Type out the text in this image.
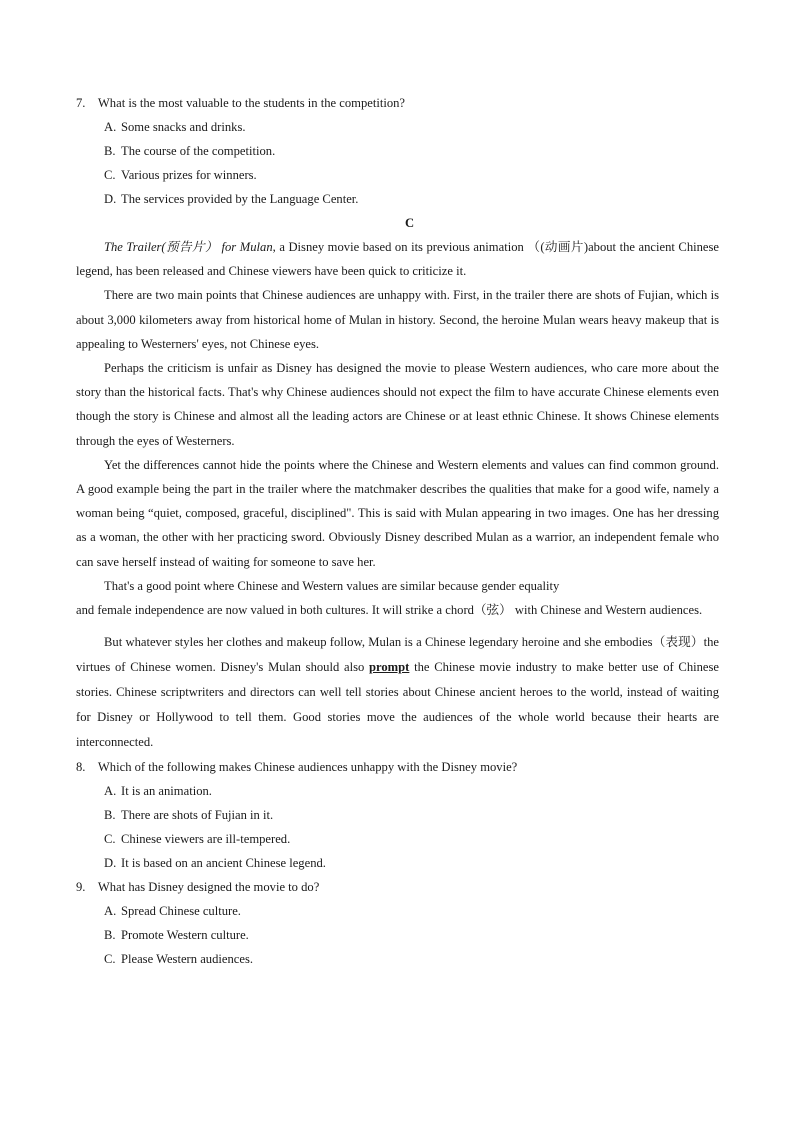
7. What is the most valuable to the students in the competition?
A. Some snacks and drinks.
B. The course of the competition.
C. Various prizes for winners.
D. The services provided by the Language Center.
C

The Trailer(预告片） for Mulan, a Disney movie based on its previous animation （(动画片)about the ancient Chinese legend, has been released and Chinese viewers have been quick to criticize it.

There are two main points that Chinese audiences are unhappy with. First, in the trailer there are shots of Fujian, which is about 3,000 kilometers away from historical home of Mulan in history. Second, the heroine Mulan wears heavy makeup that is appealing to Westerners' eyes, not Chinese eyes.

Perhaps the criticism is unfair as Disney has designed the movie to please Western audiences, who care more about the story than the historical facts. That's why Chinese audiences should not expect the film to have accurate Chinese elements even though the story is Chinese and almost all the leading actors are Chinese or at least ethnic Chinese. It shows Chinese elements through the eyes of Westerners.

Yet the differences cannot hide the points where the Chinese and Western elements and values can find common ground. A good example being the part in the trailer where the matchmaker describes the qualities that make for a good wife, namely a woman being “quiet, composed, graceful, disciplined". This is said with Mulan appearing in two images. One has her dressing as a woman, the other with her practicing sword. Obviously Disney described Mulan as a warrior, an independent female who can save herself instead of waiting for someone to save her.

That's a good point where Chinese and Western values are similar because gender equality

and female independence are now valued in both cultures. It will strike a chord（弦） with Chinese and Western audiences.

But whatever styles her clothes and makeup follow, Mulan is a Chinese legendary heroine and she embodies（表现）the virtues of Chinese women. Disney's Mulan should also prompt the Chinese movie industry to make better use of Chinese stories. Chinese scriptwriters and directors can well tell stories about Chinese ancient heroes to the world, instead of waiting for Disney or Hollywood to tell them. Good stories move the audiences of the whole world because their hearts are interconnected.

8. Which of the following makes Chinese audiences unhappy with the Disney movie?
A. It is an animation.
B. There are shots of Fujian in it.
C. Chinese viewers are ill-tempered.
D. It is based on an ancient Chinese legend.
9. What has Disney designed the movie to do?
A. Spread Chinese culture.
B. Promote Western culture.
C. Please Western audiences.
